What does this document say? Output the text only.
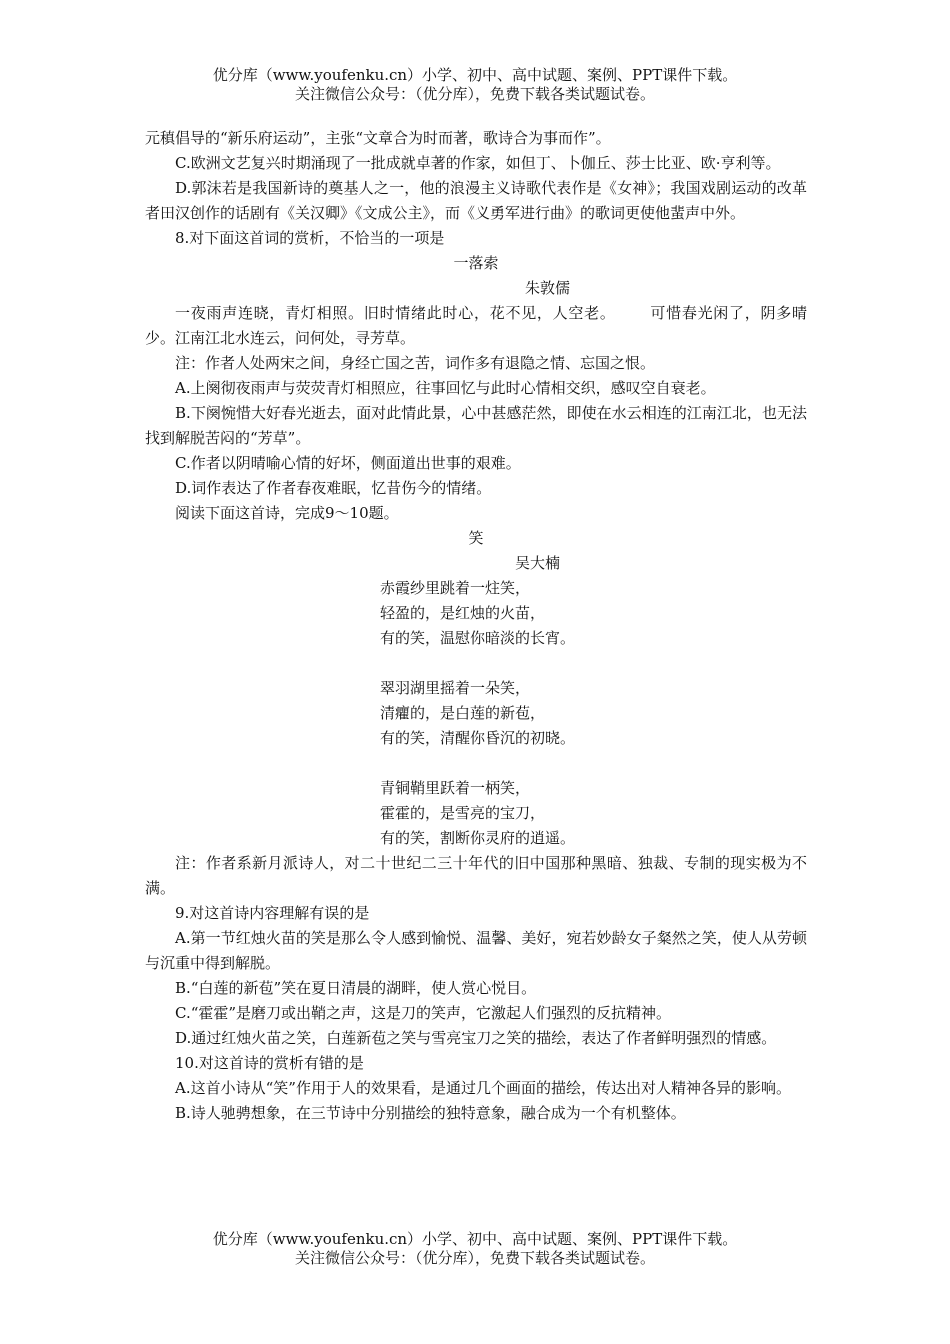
优分库（www.youfenku.cn）小学、初中、高中试题、案例、PPT课件下载。
关注微信公众号：（优分库），免费下载各类试题试卷。

元稹倡导的“新乐府运动”，主张“文章合为时而著，歌诗合为事而作”。

C.欧洲文艺复兴时期涌现了一批成就卓著的作家，如但丁、卜伽丘、莎士比亚、欧·亨利等。

D.郭沫若是我国新诗的奠基人之一，他的浪漫主义诗歌代表作是《女神》；我国戏剧运动的改革者田汉创作的话剧有《关汉卿》《文成公主》，而《义勇军进行曲》的歌词更使他蜚声中外。

8.对下面这首词的赏析，不恰当的一项是

一落索

朱敦儒

一夜雨声连晓，青灯相照。旧时情绪此时心，花不见，人空老。 可惜春光闲了，阴多晴少。江南江北水连云，问何处，寻芳草。

注：作者人处两宋之间，身经亡国之苦，词作多有退隐之情、忘国之恨。

A.上阕彻夜雨声与荧荧青灯相照应，往事回忆与此时心情相交织，感叹空自衰老。

B.下阕惋惜大好春光逝去，面对此情此景，心中甚感茫然，即使在水云相连的江南江北，也无法找到解脱苦闷的“芳草”。

C.作者以阴晴喻心情的好坏，侧面道出世事的艰难。

D.词作表达了作者春夜难眠，忆昔伤今的情绪。

阅读下面这首诗，完成9～10题。

笑

吴大楠

赤霞纱里跳着一炷笑，

轻盈的，是红烛的火苗，

有的笑，温慰你暗淡的长宵。

翠羽湖里摇着一朵笑，

清癯的，是白莲的新苞，

有的笑，清醒你昏沉的初晓。

青铜鞘里跃着一柄笑，

霍霍的，是雪亮的宝刀，

有的笑，割断你灵府的逍遥。

注：作者系新月派诗人，对二十世纪二三十年代的旧中国那种黑暗、独裁、专制的现实极为不满。

9.对这首诗内容理解有误的是

A.第一节红烛火苗的笑是那么令人感到愉悦、温馨、美好，宛若妙龄女子粲然之笑，使人从劳顿与沉重中得到解脱。

B.“白莲的新苞”笑在夏日清晨的湖畔，使人赏心悦目。

C.“霍霍”是磨刀或出鞘之声，这是刀的笑声，它激起人们强烈的反抗精神。

D.通过红烛火苗之笑，白莲新苞之笑与雪亮宝刀之笑的描绘，表达了作者鲜明强烈的情感。

10.对这首诗的赏析有错的是

A.这首小诗从“笑”作用于人的效果看，是通过几个画面的描绘，传达出对人精神各异的影响。

B.诗人驰骋想象，在三节诗中分别描绘的独特意象，融合成为一个有机整体。

优分库（www.youfenku.cn）小学、初中、高中试题、案例、PPT课件下载。
关注微信公众号：（优分库），免费下载各类试题试卷。
